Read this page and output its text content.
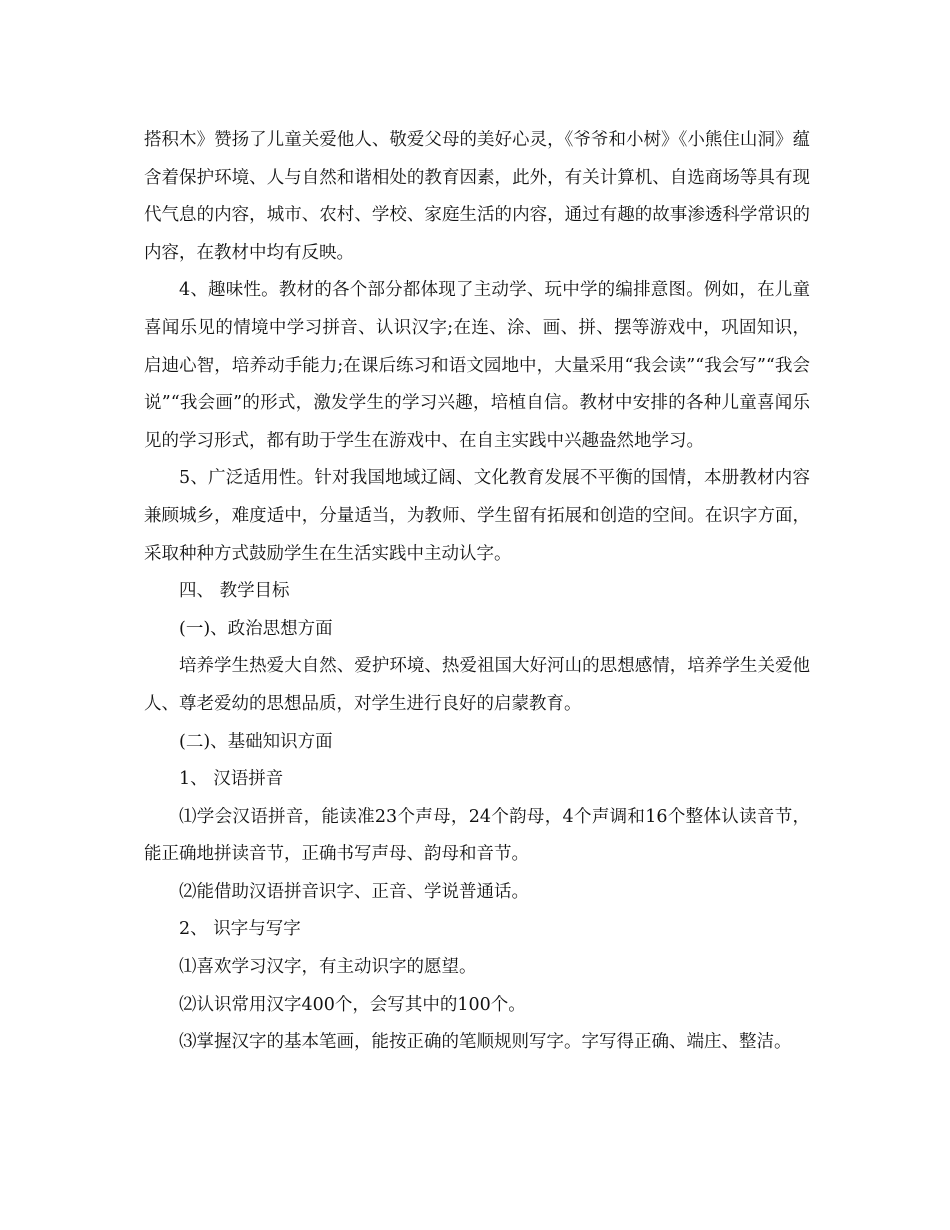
搭积木》赞扬了儿童关爱他人、敬爱父母的美好心灵，《爷爷和小树》《小熊住山洞》蕴含着保护环境、人与自然和谐相处的教育因素，此外，有关计算机、自选商场等具有现代气息的内容，城市、农村、学校、家庭生活的内容，通过有趣的故事渗透科学常识的内容，在教材中均有反映。

4、趣味性。教材的各个部分都体现了主动学、玩中学的编排意图。例如，在儿童喜闻乐见的情境中学习拼音、认识汉字;在连、涂、画、拼、摆等游戏中，巩固知识，启迪心智，培养动手能力;在课后练习和语文园地中，大量采用“我会读”“我会写”“我会说”“我会画”的形式，激发学生的学习兴趣，培植自信。教材中安排的各种儿童喜闻乐见的学习形式，都有助于学生在游戏中、在自主实践中兴趣盎然地学习。

5、广泛适用性。针对我国地域辽阔、文化教育发展不平衡的国情，本册教材内容兼顾城乡，难度适中，分量适当，为教师、学生留有拓展和创造的空间。在识字方面，采取种种方式鼓励学生在生活实践中主动认字。

四、 教学目标

(一)、政治思想方面

培养学生热爱大自然、爱护环境、热爱祖国大好河山的思想感情，培养学生关爱他人、尊老爱幼的思想品质，对学生进行良好的启蒙教育。

(二)、基础知识方面

1、 汉语拼音

⑴学会汉语拼音，能读准23个声母，24个韵母，4个声调和16个整体认读音节，能正确地拼读音节，正确书写声母、韵母和音节。

⑵能借助汉语拼音识字、正音、学说普通话。

2、 识字与写字

⑴喜欢学习汉字，有主动识字的愿望。

⑵认识常用汉字400个，会写其中的100个。

⑶掌握汉字的基本笔画，能按正确的笔顺规则写字。字写得正确、端庄、整洁。
